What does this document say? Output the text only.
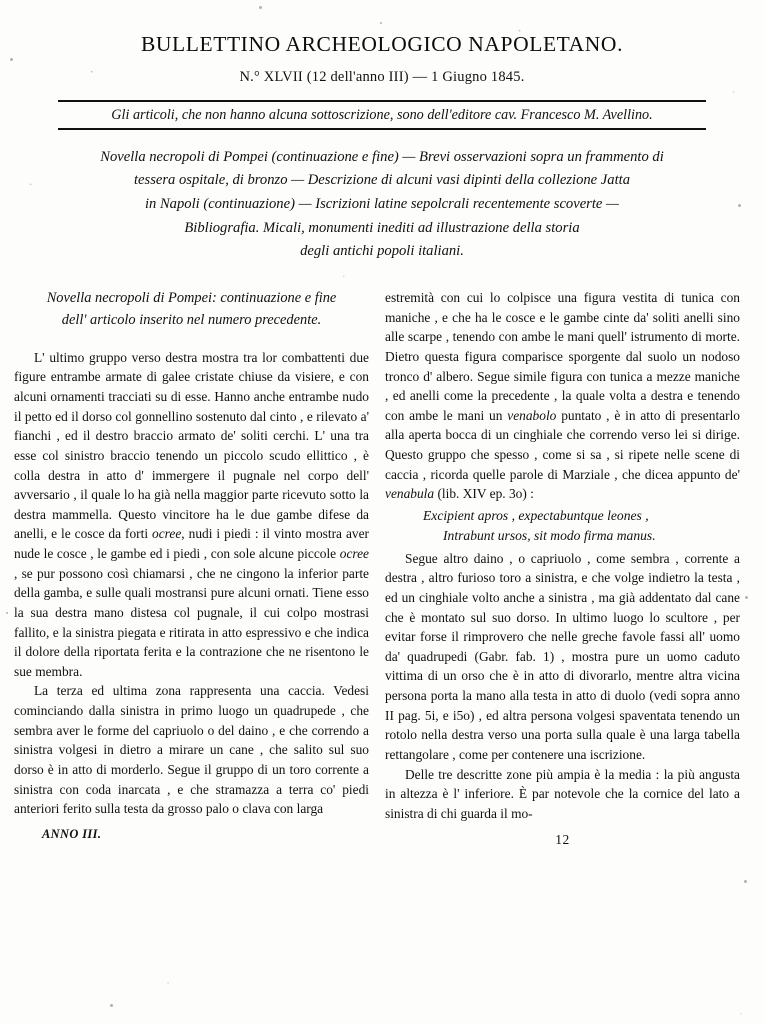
BULLETTINO ARCHEOLOGICO NAPOLETANO.
N.° XLVII (12 dell'anno III) — 1 Giugno 1845.
Gli articoli, che non hanno alcuna sottoscrizione, sono dell'editore cav. Francesco M. Avellino.
Novella necropoli di Pompei (continuazione e fine) — Brevi osservazioni sopra un frammento di
tessera ospitale, di bronzo — Descrizione di alcuni vasi dipinti della collezione Jatta
in Napoli (continuazione) — Iscrizioni latine sepolcrali recentemente scoverte —
Bibliografia. Micali, monumenti inediti ad illustrazione della storia
degli antichi popoli italiani.
Novella necropoli di Pompei: continuazione e fine
dell' articolo inserito nel numero precedente.

L' ultimo gruppo verso destra mostra tra lor combattenti due figure entrambe armate di galee cristate chiuse da visiere, e con alcuni ornamenti tracciati su di esse. Hanno anche entrambe nudo il petto ed il dorso col gonnellino sostenuto dal cinto , e rilevato a' fianchi , ed il destro braccio armato de' soliti cerchi. L' una tra esse col sinistro braccio tenendo un piccolo scudo ellittico , è colla destra in atto d' immergere il pugnale nel corpo dell' avversario , il quale lo ha già nella maggior parte ricevuto sotto la destra mammella. Questo vincitore ha le due gambe difese da anelli, e le cosce da forti ocree, nudi i piedi : il vinto mostra aver nude le cosce , le gambe ed i piedi , con sole alcune piccole ocree , se pur possono così chiamarsi , che ne cingono la inferior parte della gamba, e sulle quali mostransi pure alcuni ornati. Tiene esso la sua destra mano distesa col pugnale, il cui colpo mostrasi fallito, e la sinistra piegata e ritirata in atto espressivo e che indica il dolore della riportata ferita e la contrazione che ne risentono le sue membra.

La terza ed ultima zona rappresenta una caccia. Vedesi cominciando dalla sinistra in primo luogo un quadrupede , che sembra aver le forme del capriuolo o del daino , e che correndo a sinistra volgesi in dietro a mirare un cane , che salito sul suo dorso è in atto di morderlo. Segue il gruppo di un toro corrente a sinistra con coda inarcata , e che stramazza a terra co' piedi anteriori ferito sulla testa da grosso palo o clava con larga

ANNO III.

estremità con cui lo colpisce una figura vestita di tunica con maniche , e che ha le cosce e le gambe cinte da' soliti anelli sino alle scarpe , tenendo con ambe le mani quell' istrumento di morte. Dietro questa figura comparisce sporgente dal suolo un nodoso tronco d' albero. Segue simile figura con tunica a mezze maniche , ed anelli come la precedente , la quale volta a destra e tenendo con ambe le mani un venabolo puntato , è in atto di presentarlo alla aperta bocca di un cinghiale che correndo verso lei si dirige. Questo gruppo che spesso , come si sa , si ripete nelle scene di caccia , ricorda quelle parole di Marziale , che dicea appunto de' venabula (lib. XIV ep. 3o) :

Excipient apros , expectabuntque leones ,
Intrabunt ursos, sit modo firma manus.

Segue altro daino , o capriuolo , come sembra , corrente a destra , altro furioso toro a sinistra, e che volge indietro la testa , ed un cinghiale volto anche a sinistra , ma già addentato dal cane che è montato sul suo dorso. In ultimo luogo lo scultore , per evitar forse il rimprovero che nelle greche favole fassi all' uomo da' quadrupedi (Gabr. fab. 1) , mostra pure un uomo caduto vittima di un orso che è in atto di divorarlo, mentre altra vicina persona porta la mano alla testa in atto di duolo (vedi sopra anno II pag. 5i, e i5o) , ed altra persona volgesi spaventata tenendo un rotolo nella destra verso una porta sulla quale è una larga tabella rettangolare , come per contenere una iscrizione.

Delle tre descritte zone più ampia è la media : la più angusta in altezza è l' inferiore. È par notevole che la cornice del lato a sinistra di chi guarda il mo-

12
